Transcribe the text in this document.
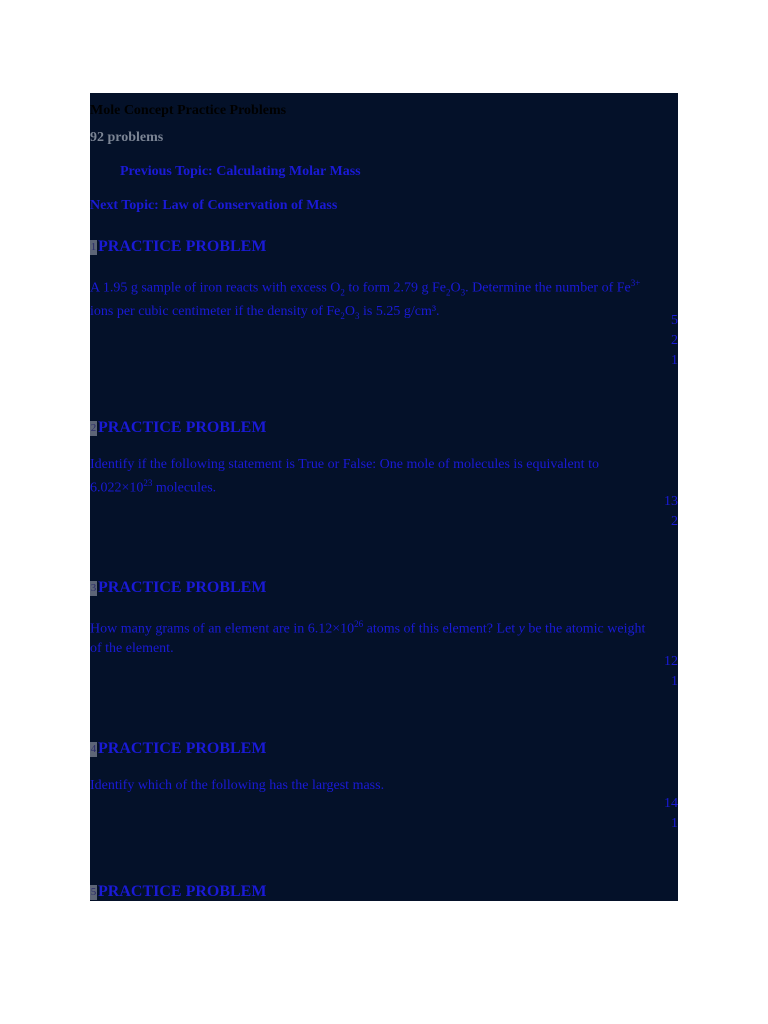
Mole Concept Practice Problems
92 problems
Previous Topic: Calculating Molar Mass
Next Topic: Law of Conservation of Mass
1 PRACTICE PROBLEM
A 1.95 g sample of iron reacts with excess $O_2$ to form 2.79 g $Fe_2O_3$. Determine the number of $Fe^{3+}$ ions per cubic centimeter if the density of $Fe_2O_3$ is 5.25 g/cm³.
5
2
1
2 PRACTICE PROBLEM
Identify if the following statement is True or False: One mole of molecules is equivalent to $6.022\times 10^{23}$ molecules.
13
2
3 PRACTICE PROBLEM
How many grams of an element are in $6.12\times 10^{26}$ atoms of this element? Let y be the atomic weight of the element.
12
1
4 PRACTICE PROBLEM
Identify which of the following has the largest mass.
14
1
5 PRACTICE PROBLEM
